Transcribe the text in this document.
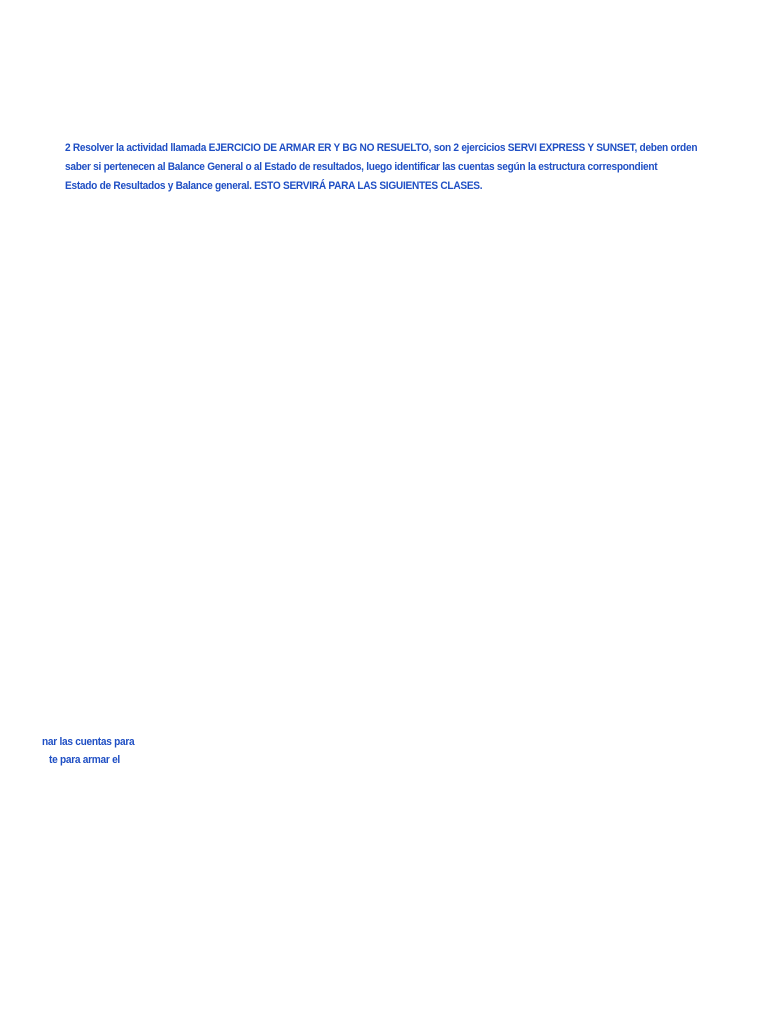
2 Resolver la actividad llamada EJERCICIO DE ARMAR ER Y BG NO RESUELTO, son 2 ejercicios SERVI EXPRESS Y SUNSET, deben orden
saber si pertenecen al Balance General o al Estado de resultados, luego identificar las cuentas según la estructura correspondient
Estado de Resultados y Balance general. ESTO SERVIRÁ PARA LAS SIGUIENTES CLASES.
nar las cuentas para
te para armar el
